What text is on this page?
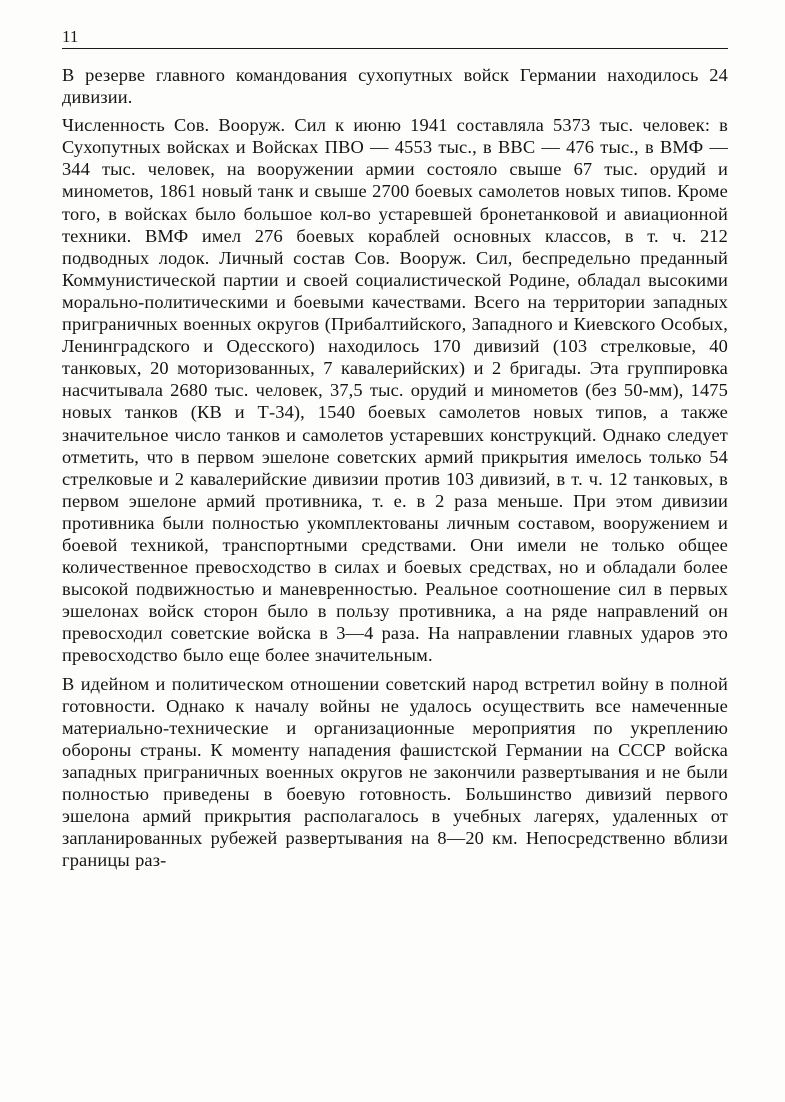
11

В резерве главного командования сухопутных войск Германии находилось 24 дивизии.

Численность Сов. Вооруж. Сил к июню 1941 составляла 5373 тыс. человек: в Сухопутных войсках и Войсках ПВО — 4553 тыс., в ВВС — 476 тыс., в ВМФ — 344 тыс. человек, на вооружении армии состояло свыше 67 тыс. орудий и минометов, 1861 новый танк и свыше 2700 боевых самолетов новых типов. Кроме того, в войсках было большое кол-во устаревшей бронетанковой и авиационной техники. ВМФ имел 276 боевых кораблей основных классов, в т. ч. 212 подводных лодок. Личный состав Сов. Вооруж. Сил, беспредельно преданный Коммунистической партии и своей социалистической Родине, обладал высокими морально-политическими и боевыми качествами. Всего на территории западных приграничных военных округов (Прибалтийского, Западного и Киевского Особых, Ленинградского и Одесского) находилось 170 дивизий (103 стрелковые, 40 танковых, 20 моторизованных, 7 кавалерийских) и 2 бригады. Эта группировка насчитывала 2680 тыс. человек, 37,5 тыс. орудий и минометов (без 50-мм), 1475 новых танков (КВ и Т-34), 1540 боевых самолетов новых типов, а также значительное число танков и самолетов устаревших конструкций. Однако следует отметить, что в первом эшелоне советских армий прикрытия имелось только 54 стрелковые и 2 кавалерийские дивизии против 103 дивизий, в т. ч. 12 танковых, в первом эшелоне армий противника, т. е. в 2 раза меньше. При этом дивизии противника были полностью укомплектованы личным составом, вооружением и боевой техникой, транспортными средствами. Они имели не только общее количественное превосходство в силах и боевых средствах, но и обладали более высокой подвижностью и маневренностью. Реальное соотношение сил в первых эшелонах войск сторон было в пользу противника, а на ряде направлений он превосходил советские войска в 3—4 раза. На направлении главных ударов это превосходство было еще более значительным.

В идейном и политическом отношении советский народ встретил войну в полной готовности. Однако к началу войны не удалось осуществить все намеченные материально-технические и организационные мероприятия по укреплению обороны страны. К моменту нападения фашистской Германии на СССР войска западных приграничных военных округов не закончили развертывания и не были полностью приведены в боевую готовность. Большинство дивизий первого эшелона армий прикрытия располагалось в учебных лагерях, удаленных от запланированных рубежей развертывания на 8—20 км. Непосредственно вблизи границы раз-
